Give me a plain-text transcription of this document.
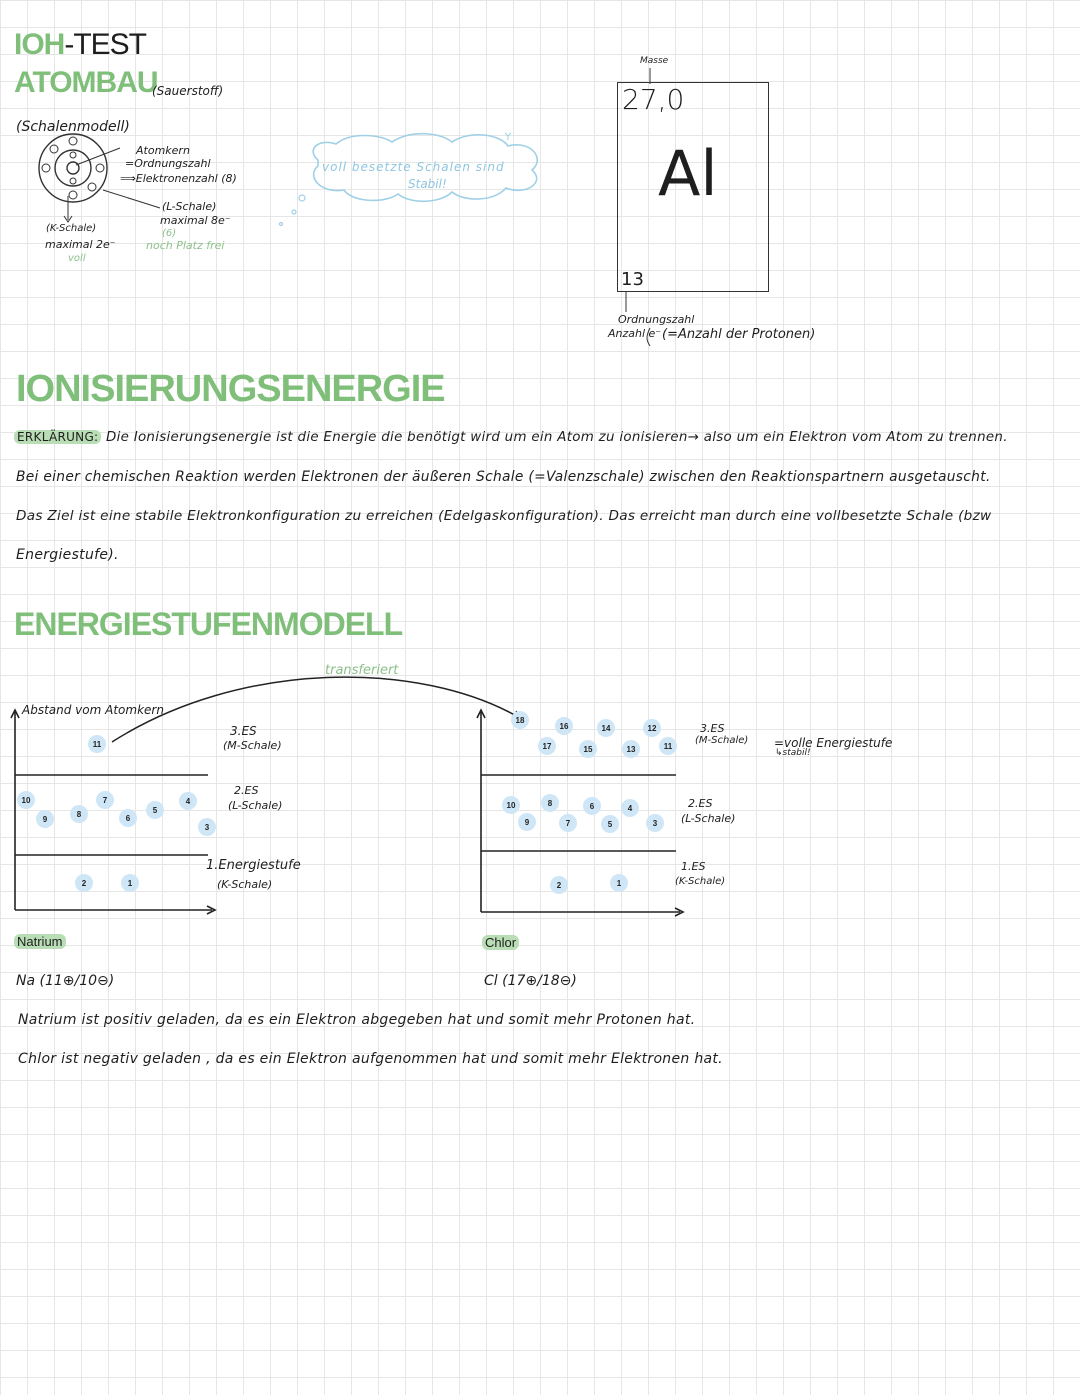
IOH-TEST
ATOMBAU
(Sauerstoff)
(Schalenmodell)
Atomkern
=Ordnungszahl
⟹Elektronenzahl (8)
(L-Schale)
maximal 8e⁻
(6)
noch Platz frei
(K-Schale)
maximal 2e⁻
voll
voll besetzte Schalen sind
Stabil!
Masse
27,0
Al
13
Ordnungszahl
Anzahl e⁻ (=Anzahl der Protonen)
IONISIERUNGSENERGIE
ERKLÄRUNG: Die Ionisierungsenergie ist die Energie die benötigt wird um ein Atom zu ionisieren→ also um ein Elektron vom Atom zu trennen.
Bei einer chemischen Reaktion werden Elektronen der äußeren Schale (=Valenzschale) zwischen den Reaktionspartnern ausgetauscht.
Das Ziel ist eine stabile Elektronkonfiguration zu erreichen (Edelgaskonfiguration). Das erreicht man durch eine vollbesetzte Schale (bzw
Energiestufe).
ENERGIESTUFENMODELL
transferiert
Abstand vom Atomkern
11
10
9
8
7
6
5
4
3
2	1
18
17
16
15
14
13
12
11
10
9
8
7
6
5
4
3
2	1
3.ES
(M-Schale)
2.ES
(L-Schale)
1.Energiestufe
(K-Schale)
3.ES
(M-Schale) =volle Energiestufe
↳stabil!
2.ES
(L-Schale)
1.ES
(K-Schale)
Natrium	Chlor
Na (11⊕/10⊖)	Cl (17⊕/18⊖)
Natrium ist positiv geladen, da es ein Elektron abgegeben hat und somit mehr Protonen hat.
Chlor ist negativ geladen , da es ein Elektron aufgenommen hat und somit mehr Elektronen hat.
